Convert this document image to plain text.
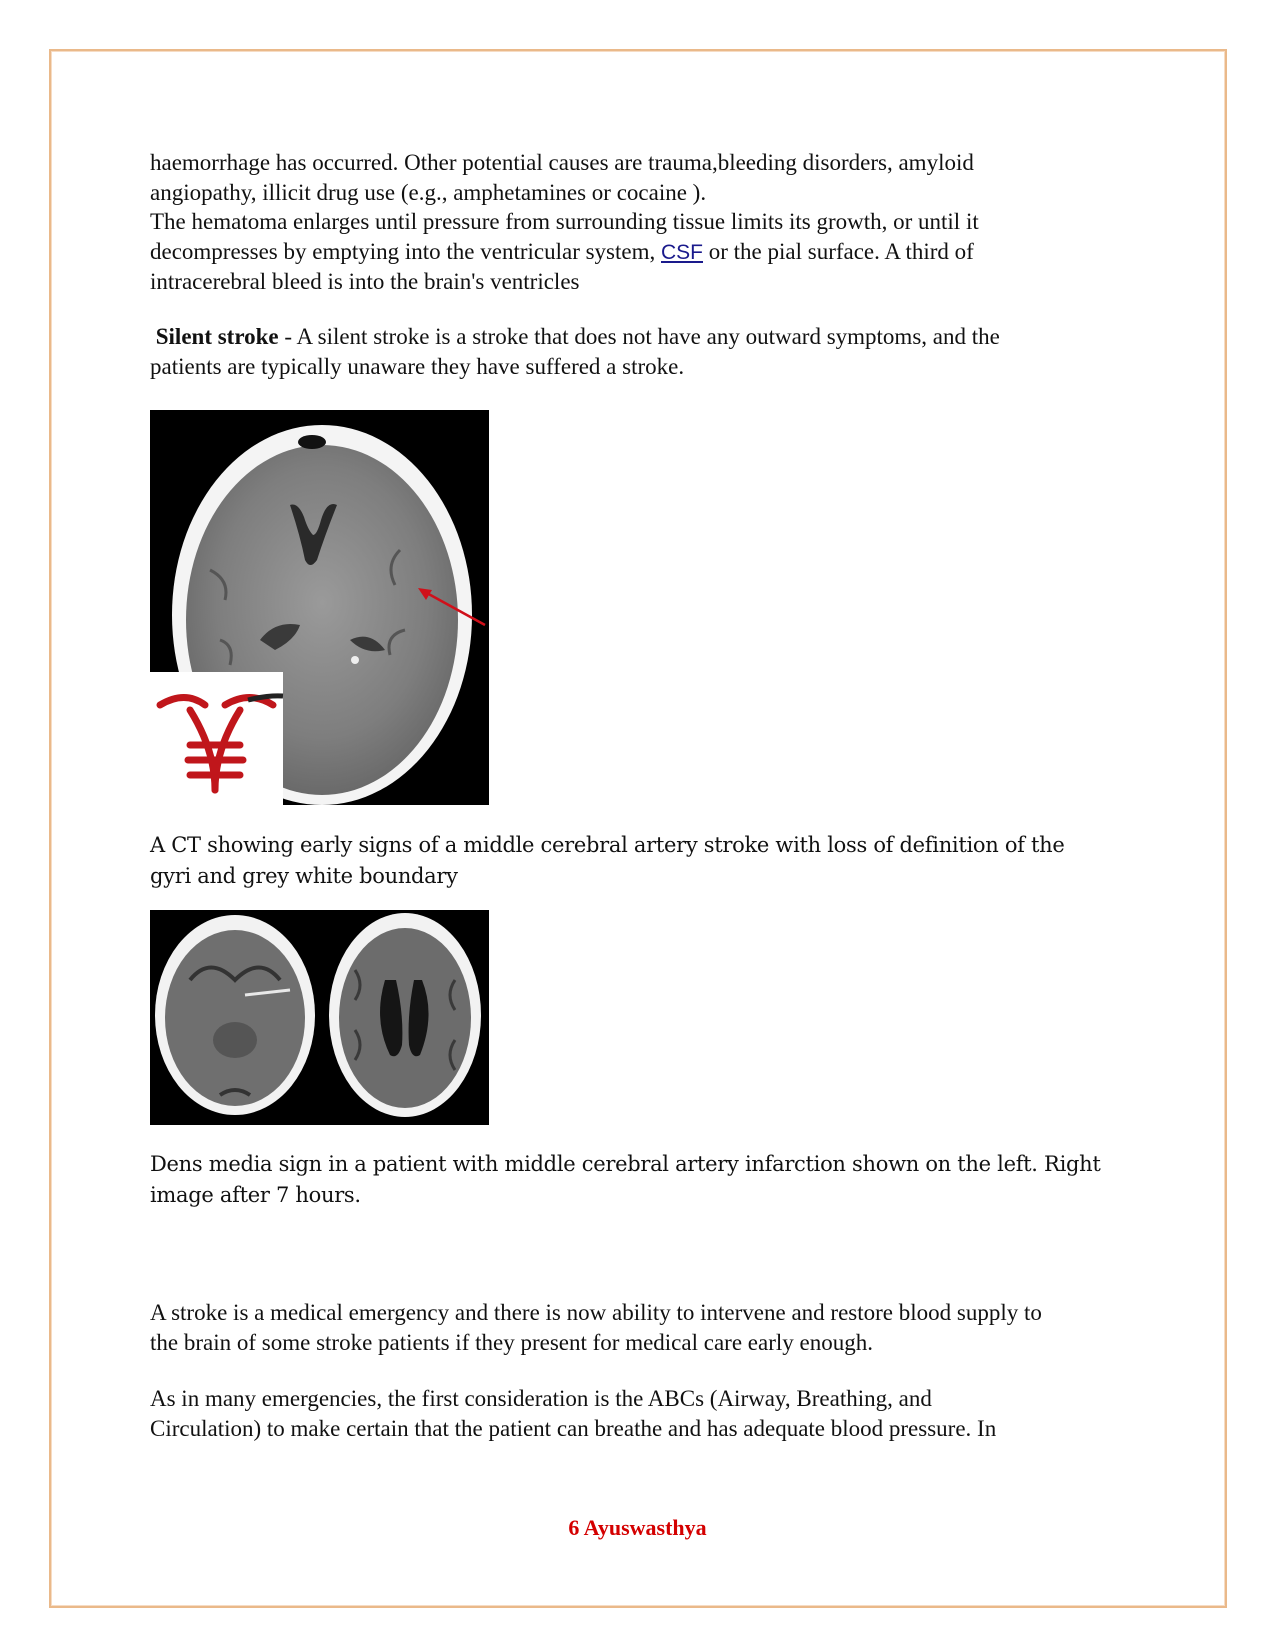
haemorrhage has occurred. Other potential causes are trauma,bleeding disorders, amyloid

angiopathy, illicit drug use (e.g., amphetamines or cocaine ).

The hematoma enlarges until pressure from surrounding tissue limits its growth, or until it

decompresses by emptying into the ventricular system, CSF or the pial surface. A third of

intracerebral bleed is into the brain's ventricles

Silent stroke - A silent stroke is a stroke that does not have any outward symptoms, and the

patients are typically unaware they have suffered a stroke.

A CT showing early signs of a middle cerebral artery stroke with loss of definition of the

gyri and grey white boundary

Dens media sign in a patient with middle cerebral artery infarction shown on the left. Right

image after 7 hours.

A stroke is a medical emergency and there is now ability to intervene and restore blood supply to

the brain of some stroke patients if they present for medical care early enough.

As in many emergencies, the first consideration is the ABCs (Airway, Breathing, and

Circulation) to make certain that the patient can breathe and has adequate blood pressure. In

6 Ayuswasthya
